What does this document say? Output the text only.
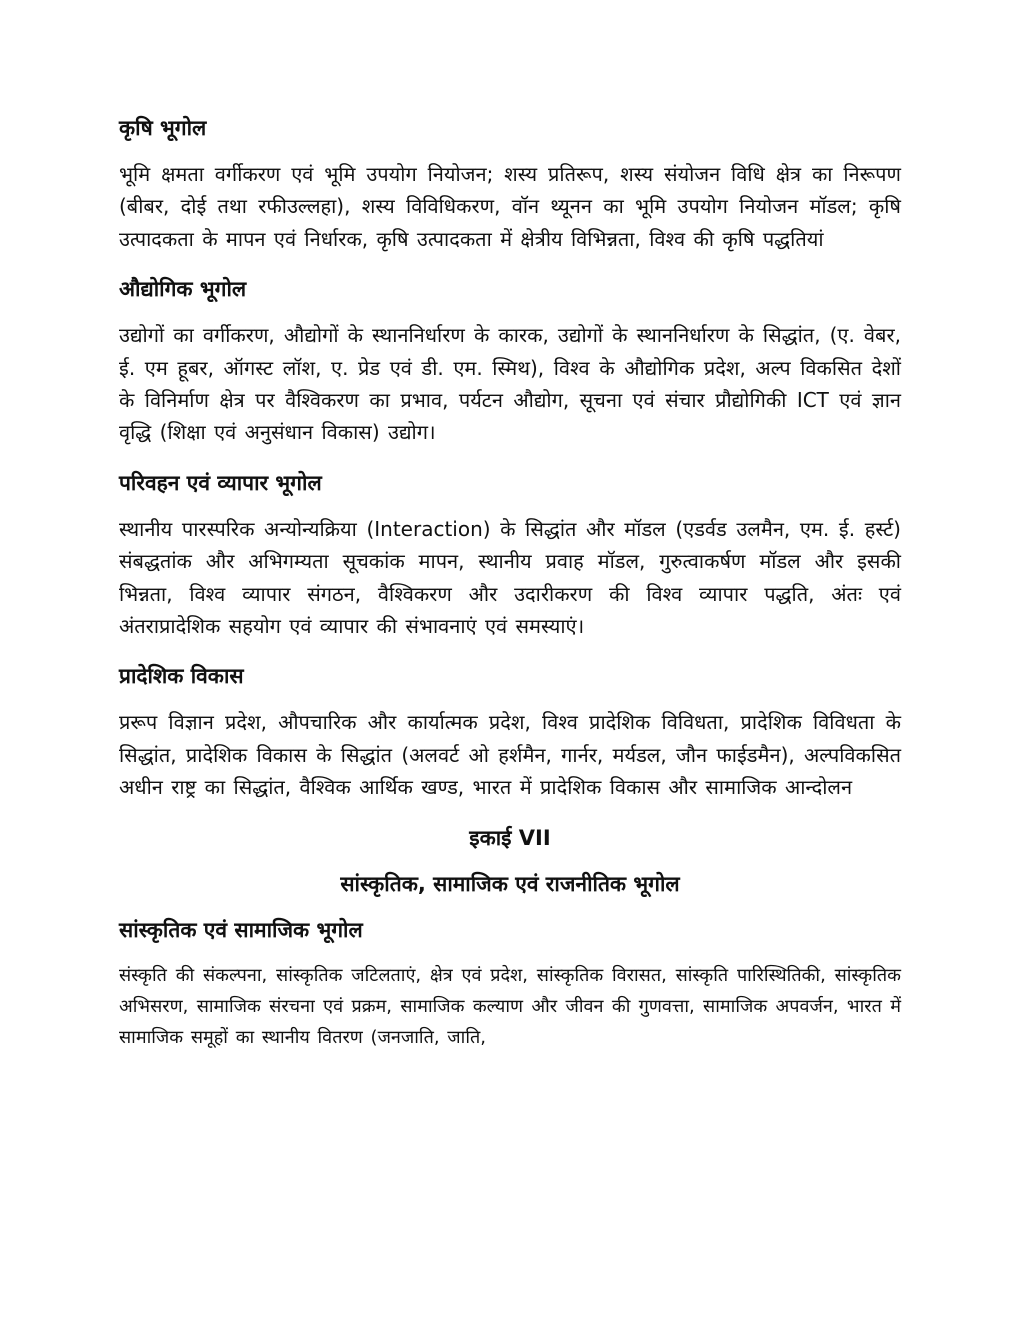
कृषि भूगोल
भूमि क्षमता वर्गीकरण एवं भूमि उपयोग नियोजन; शस्य प्रतिरूप, शस्य संयोजन विधि क्षेत्र का निरूपण (बीबर, दोई तथा रफीउल्लहा), शस्य विविधिकरण, वॉन थ्यूनन का भूमि उपयोग नियोजन मॉडल; कृषि उत्पादकता के मापन एवं निर्धारक, कृषि उत्पादकता में क्षेत्रीय विभिन्नता, विश्व की कृषि पद्धतियां
औद्योगिक भूगोल
उद्योगों का वर्गीकरण, औद्योगों के स्थाननिर्धारण के कारक, उद्योगों के स्थाननिर्धारण के सिद्धांत, (ए. वेबर, ई. एम हूबर, ऑगस्ट लॉश, ए. प्रेड एवं डी. एम. स्मिथ), विश्व के औद्योगिक प्रदेश, अल्प विकसित देशों के विनिर्माण क्षेत्र पर वैश्विकरण का प्रभाव, पर्यटन औद्योग, सूचना एवं संचार प्रौद्योगिकी ICT एवं ज्ञान वृद्धि (शिक्षा एवं अनुसंधान विकास) उद्योग।
परिवहन एवं व्यापार भूगोल
स्थानीय पारस्परिक अन्योन्यक्रिया (Interaction) के सिद्धांत और मॉडल (एडर्वड उलमैन, एम. ई. हर्स्ट) संबद्धतांक और अभिगम्यता सूचकांक मापन, स्थानीय प्रवाह मॉडल, गुरुत्वाकर्षण मॉडल और इसकी भिन्नता, विश्व व्यापार संगठन, वैश्विकरण और उदारीकरण की विश्व व्यापार पद्धति, अंतः एवं अंतराप्रादेशिक सहयोग एवं व्यापार की संभावनाएं एवं समस्याएं।
प्रादेशिक विकास
प्ररूप विज्ञान प्रदेश, औपचारिक और कार्यात्मक प्रदेश, विश्व प्रादेशिक विविधता, प्रादेशिक विविधता के सिद्धांत, प्रादेशिक विकास के सिद्धांत (अलवर्ट ओ हर्शमैन, गार्नर, मर्यडल, जौन फाईडमैन), अल्पविकसित अधीन राष्ट्र का सिद्धांत, वैश्विक आर्थिक खण्ड, भारत में प्रादेशिक विकास और सामाजिक आन्दोलन
इकाई VII
सांस्कृतिक, सामाजिक एवं राजनीतिक भूगोल
सांस्कृतिक एवं सामाजिक भूगोल
संस्कृति की संकल्पना, सांस्कृतिक जटिलताएं, क्षेत्र एवं प्रदेश, सांस्कृतिक विरासत, सांस्कृति पारिस्थितिकी, सांस्कृतिक अभिसरण, सामाजिक संरचना एवं प्रक्रम, सामाजिक कल्याण और जीवन की गुणवत्ता, सामाजिक अपवर्जन, भारत में सामाजिक समूहों का स्थानीय वितरण (जनजाति, जाति,
